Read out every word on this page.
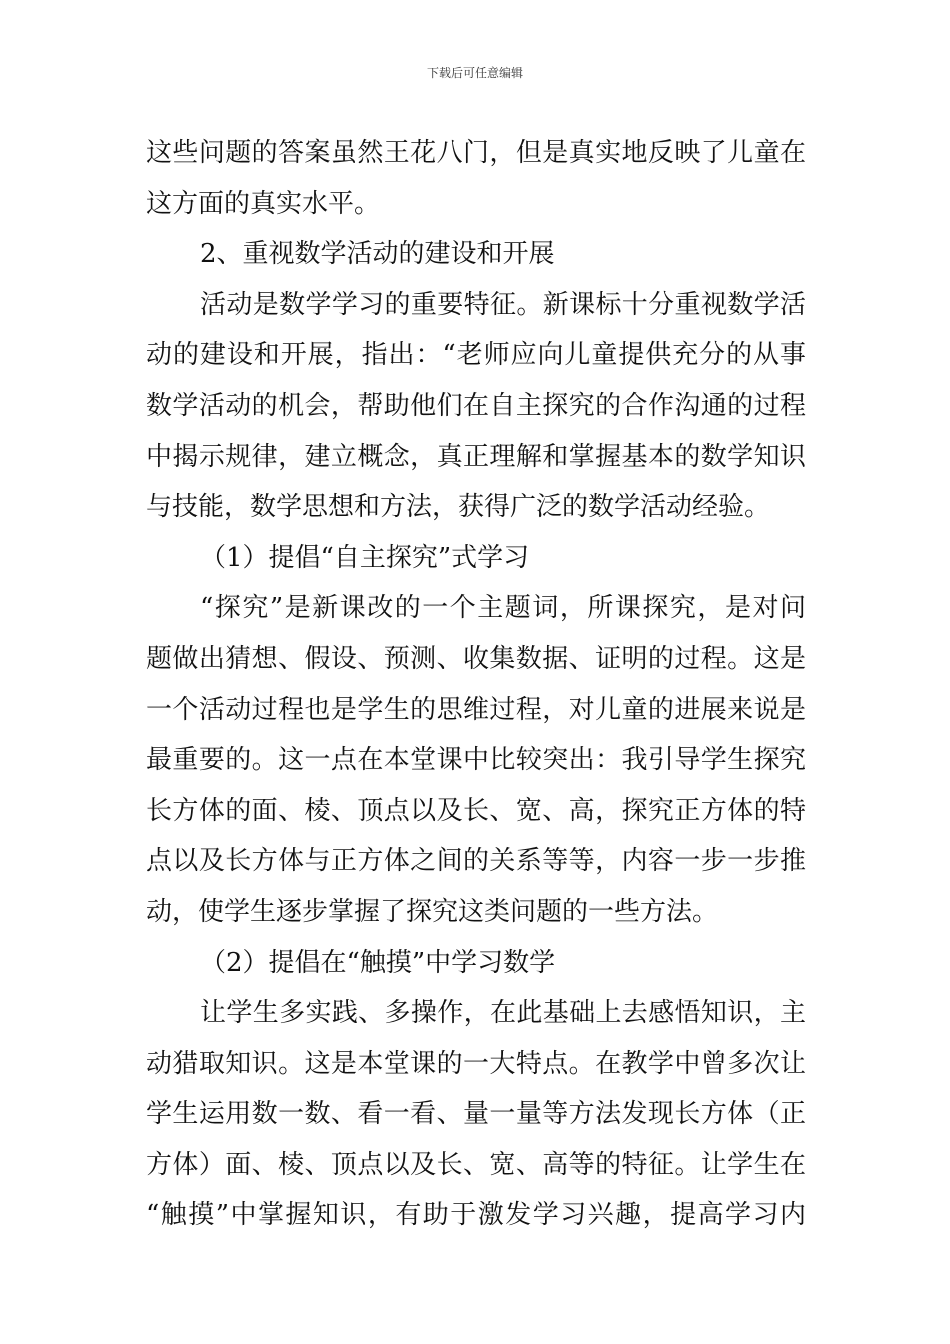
下载后可任意编辑
这些问题的答案虽然王花八门，但是真实地反映了儿童在
这方面的真实水平。
2、重视数学活动的建设和开展
活动是数学学习的重要特征。新课标十分重视数学活
动的建设和开展，指出：“老师应向儿童提供充分的从事
数学活动的机会，帮助他们在自主探究的合作沟通的过程
中揭示规律，建立概念，真正理解和掌握基本的数学知识
与技能，数学思想和方法，获得广泛的数学活动经验。
（1）提倡“自主探究”式学习
“探究”是新课改的一个主题词，所课探究，是对问
题做出猜想、假设、预测、收集数据、证明的过程。这是
一个活动过程也是学生的思维过程，对儿童的进展来说是
最重要的。这一点在本堂课中比较突出：我引导学生探究
长方体的面、棱、顶点以及长、宽、高，探究正方体的特
点以及长方体与正方体之间的关系等等，内容一步一步推
动，使学生逐步掌握了探究这类问题的一些方法。
（2）提倡在“触摸”中学习数学
让学生多实践、多操作，在此基础上去感悟知识，主
动猎取知识。这是本堂课的一大特点。在教学中曾多次让
学生运用数一数、看一看、量一量等方法发现长方体（正
方体）面、棱、顶点以及长、宽、高等的特征。让学生在
“触摸”中掌握知识，有助于激发学习兴趣，提高学习内
